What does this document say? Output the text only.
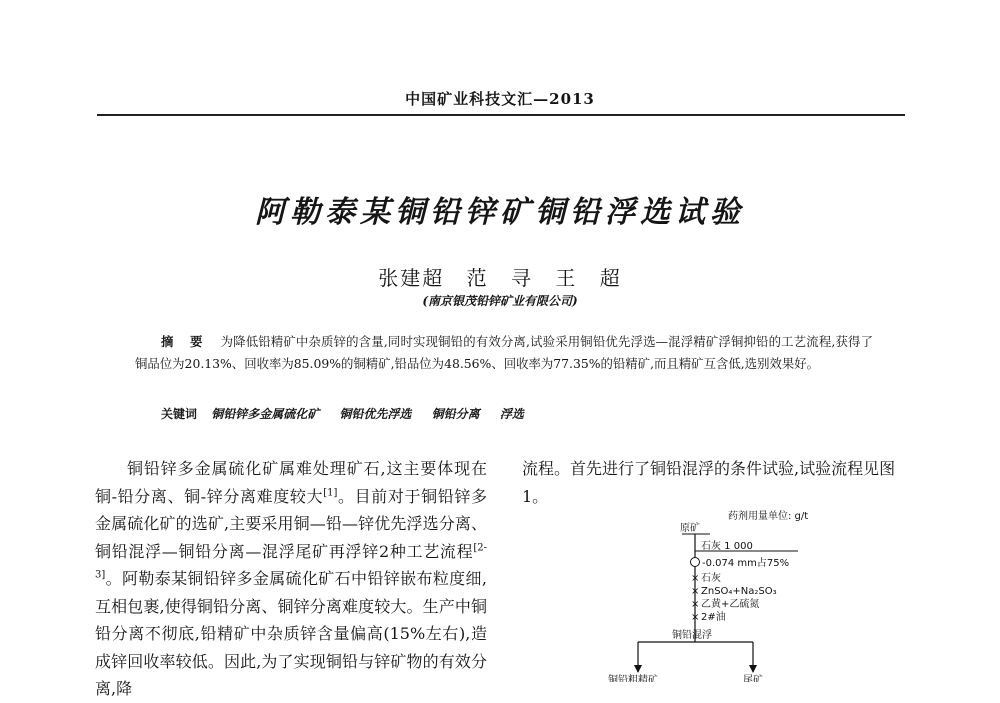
中国矿业科技文汇—2013
阿勒泰某铜铅锌矿铜铅浮选试验
张建超 范 寻 王 超
(南京银茂铅锌矿业有限公司)
摘 要 为降低铅精矿中杂质锌的含量,同时实现铜铅的有效分离,试验采用铜铅优先浮选—混浮精矿浮铜抑铅的工艺流程,获得了铜品位为20.13%、回收率为85.09%的铜精矿,铅品位为48.56%、回收率为77.35%的铅精矿,而且精矿互含低,选别效果好。
关键词 铜铅锌多金属硫化矿 铜铅优先浮选 铜铅分离 浮选

铜铅锌多金属硫化矿属难处理矿石,这主要体现在铜-铅分离、铜-锌分离难度较大[1]。目前对于铜铅锌多金属硫化矿的选矿,主要采用铜—铅—锌优先浮选分离、铜铅混浮—铜铅分离—混浮尾矿再浮锌2种工艺流程[2-3]。阿勒泰某铜铅锌多金属硫化矿石中铅锌嵌布粒度细,互相包裹,使得铜铅分离、铜锌分离难度较大。生产中铜铅分离不彻底,铅精矿中杂质锌含量偏高(15%左右),造成锌回收率较低。因此,为了实现铜铅与锌矿物的有效分离,降

流程。首先进行了铜铅混浮的条件试验,试验流程见图1。

药剂用量单位: g/t
原矿
石灰 1 000
-0.074 mm占75%
× 石灰
× ZnSO₄+Na₂SO₃
× 乙黄+乙硫氮
× 2#油
铜铅混浮
铜铅粗精矿	尾矿
